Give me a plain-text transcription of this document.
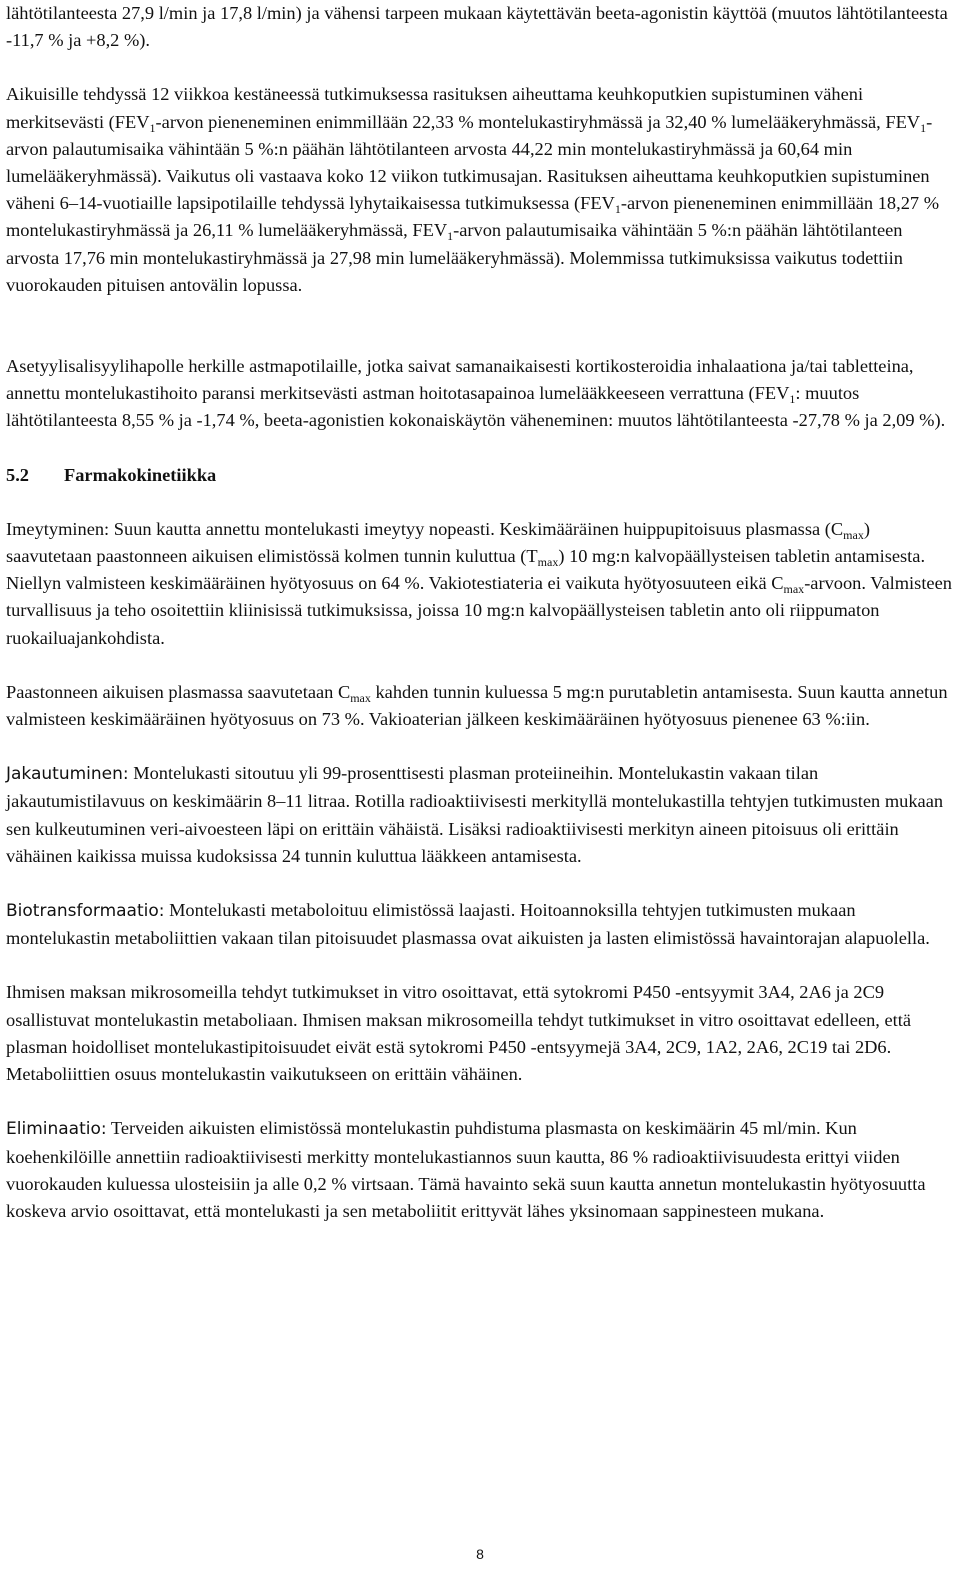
lähtötilanteesta 27,9 l/min ja 17,8 l/min) ja vähensi tarpeen mukaan käytettävän beeta-agonistin käyttöä (muutos lähtötilanteesta -11,7 % ja +8,2 %).

Aikuisille tehdyssä 12 viikkoa kestäneessä tutkimuksessa rasituksen aiheuttama keuhkoputkien supistuminen väheni merkitsevästi ($FEV_1$-arvon pieneneminen enimmillään 22,33 % montelukastiryhmässä ja 32,40 % lumelääkeryhmässä, $FEV_1$-arvon palautumisaika vähintään 5 %:n päähän lähtötilanteen arvosta 44,22 min montelukastiryhmässä ja 60,64 min lumelääkeryhmässä). Vaikutus oli vastaava koko 12 viikon tutkimusajan. Rasituksen aiheuttama keuhkoputkien supistuminen väheni 6–14-vuotiaille lapsipotilaille tehdyssä lyhytaikaisessa tutkimuksessa ($FEV_1$-arvon pieneneminen enimmillään 18,27 % montelukastiryhmässä ja 26,11 % lumelääkeryhmässä, $FEV_1$-arvon palautumisaika vähintään 5 %:n päähän lähtötilanteen arvosta 17,76 min montelukastiryhmässä ja 27,98 min lumelääkeryhmässä). Molemmissa tutkimuksissa vaikutus todettiin vuorokauden pituisen antovälin lopussa.

Asetyylisalisyylihapolle herkille astmapotilaille, jotka saivat samanaikaisesti kortikosteroidia inhalaationa ja/tai tabletteina, annettu montelukastihoito paransi merkitsevästi astman hoitotasapainoa lumelääkkeeseen verrattuna ($FEV_1$: muutos lähtötilanteesta 8,55 % ja -1,74 %, beeta-agonistien kokonaiskäytön väheneminen: muutos lähtötilanteesta -27,78 % ja 2,09 %).

5.2 Farmakokinetiikka

Imeytyminen: Suun kautta annettu montelukasti imeytyy nopeasti. Keskimääräinen huippupitoisuus plasmassa $(C_{max})$ saavutetaan paastonneen aikuisen elimistössä kolmen tunnin kuluttua $(T_{max})$ 10 mg:n kalvopäällysteisen tabletin antamisesta. Niellyn valmisteen keskimääräinen hyötyosuus on 64 %. Vakiotestiateria ei vaikuta hyötyosuuteen eikä $C_{max}$-arvoon. Valmisteen turvallisuus ja teho osoitettiin kliinisissä tutkimuksissa, joissa 10 mg:n kalvopäällysteisen tabletin anto oli riippumaton ruokailuajankohdista.

Paastonneen aikuisen plasmassa saavutetaan $C_{max}$ kahden tunnin kuluessa 5 mg:n purutabletin antamisesta. Suun kautta annetun valmisteen keskimääräinen hyötyosuus on 73 %. Vakioaterian jälkeen keskimääräinen hyötyosuus pienenee 63 %:iin.

Jakautuminen: Montelukasti sitoutuu yli 99-prosenttisesti plasman proteiineihin. Montelukastin vakaan tilan jakautumistilavuus on keskimäärin 8–11 litraa. Rotilla radioaktiivisesti merkityllä montelukastilla tehtyjen tutkimusten mukaan sen kulkeutuminen veri-aivoesteen läpi on erittäin vähäistä. Lisäksi radioaktiivisesti merkityn aineen pitoisuus oli erittäin vähäinen kaikissa muissa kudoksissa 24 tunnin kuluttua lääkkeen antamisesta.

Biotransformaatio: Montelukasti metaboloituu elimistössä laajasti. Hoitoannoksilla tehtyjen tutkimusten mukaan montelukastin metaboliittien vakaan tilan pitoisuudet plasmassa ovat aikuisten ja lasten elimistössä havaintorajan alapuolella.

Ihmisen maksan mikrosomeilla tehdyt tutkimukset in vitro osoittavat, että sytokromi P450 -entsyymit 3A4, 2A6 ja 2C9 osallistuvat montelukastin metaboliaan. Ihmisen maksan mikrosomeilla tehdyt tutkimukset in vitro osoittavat edelleen, että plasman hoidolliset montelukastipitoisuudet eivät estä sytokromi P450 -entsyymejä 3A4, 2C9, 1A2, 2A6, 2C19 tai 2D6. Metaboliittien osuus montelukastin vaikutukseen on erittäin vähäinen.

Eliminaatio: Terveiden aikuisten elimistössä montelukastin puhdistuma plasmasta on keskimäärin 45 ml/min. Kun koehenkilöille annettiin radioaktiivisesti merkitty montelukastiannos suun kautta, 86 % radioaktiivisuudesta erittyi viiden vuorokauden kuluessa ulosteisiin ja alle 0,2 % virtsaan. Tämä havainto sekä suun kautta annetun montelukastin hyötyosuutta koskeva arvio osoittavat, että montelukasti ja sen metaboliitit erittyvät lähes yksinomaan sappinesteen mukana.

8
